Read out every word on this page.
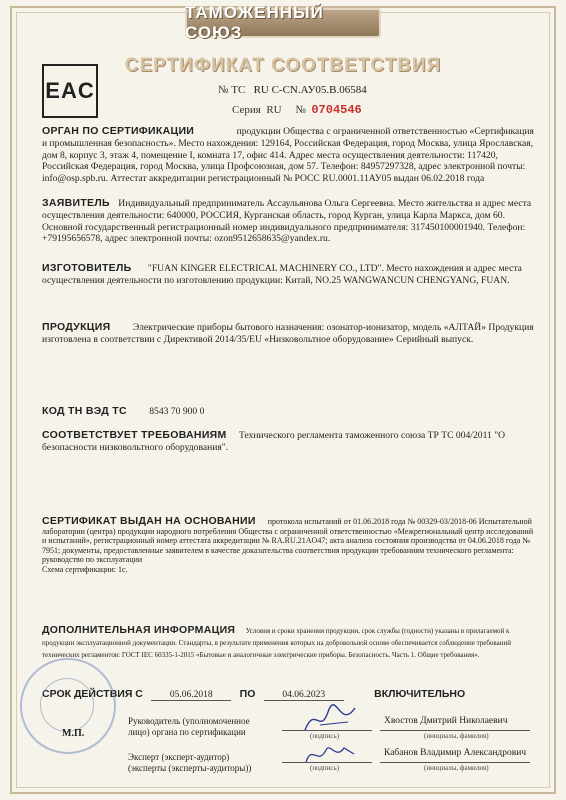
ТАМОЖЕННЫЙ СОЮЗ
СЕРТИФИКАТ СООТВЕТСТВИЯ
EAC	№ ТС RU C-CN.АУ05.В.06584
Серия RU № 0704546
ОРГАН ПО СЕРТИФИКАЦИИ	продукции Общества с ограниченной ответственностью «Сертификация и промышленная безопасность». Место нахождения: 129164, Российская Федерация, город Москва, улица Ярославская, дом 8, корпус 3, этаж 4, помещение I, комната 17, офис 414. Адрес места осуществления деятельности: 117420, Российская Федерация, город Москва, улица Профсоюзная, дом 57. Телефон: 84957297328, адрес электронной почты: info@osp.spb.ru. Аттестат аккредитации регистрационный № РОСС RU.0001.11АУ05 выдан 06.02.2018 года
ЗАЯВИТЕЛЬ Индивидуальный предприниматель Ассаульянова Ольга Сергеевна. Место жительства и адрес места осуществления деятельности: 640000, РОССИЯ, Курганская область, город Курган, улица Карла Маркса, дом 60. Основной государственный регистрационный номер индивидуального предпринимателя: 317450100001940. Телефон: +79195656578, адрес электронной почты: ozon9512658635@yandex.ru.
ИЗГОТОВИТЕЛЬ "FUAN KINGER ELECTRICAL MACHINERY CO., LTD". Место нахождения и адрес места осуществления деятельности по изготовлению продукции: Китай, NO.25 WANGWANCUN CHENGYANG, FUAN.
ПРОДУКЦИЯ Электрические приборы бытового назначения: озонатор-ионизатор, модель «АЛТАЙ» Продукция изготовлена в соответствии с Директивой 2014/35/EU «Низковольтное оборудование» Серийный выпуск.
КОД ТН ВЭД ТС 8543 70 900 0
СООТВЕТСТВУЕТ ТРЕБОВАНИЯМ Технического регламента таможенного союза ТР ТС 004/2011 "О безопасности низковольтного оборудования".
СЕРТИФИКАТ ВЫДАН НА ОСНОВАНИИ протокола испытаний от 01.06.2018 года № 00329-03/2018-06 Испытательной лаборатории (центра) продукции народного потребления Общества с ограниченной ответственностью «Межрегиональный центр исследований и испытаний», регистрационный номер аттестата аккредитации № RA.RU.21AO47; акта анализа состояния производства от 04.06.2018 года № 7951; документы, предоставленные заявителем в качестве доказательства соответствия продукции требованиям технического регламента: руководство по эксплуатации
Схема сертификации: 1с.
ДОПОЛНИТЕЛЬНАЯ ИНФОРМАЦИЯ Условия и сроки хранения продукции, срок службы (годности) указаны в прилагаемой к продукции эксплуатационной документации. Стандарты, в результате применения которых на добровольной основе обеспечивается соблюдение требований технических регламентов: ГОСТ IEC 60335-1-2015 «Бытовые и аналогичные электрические приборы. Безопасность. Часть 1. Общие требования».
СРОК ДЕЙСТВИЯ С	05.06.2018	ПО	04.06.2023	ВКЛЮЧИТЕЛЬНО
М.П.
Руководитель (уполномоченное лицо) органа по сертификации	(подпись)
Хвостов Дмитрий Николаевич
(инициалы, фамилия)
Эксперт (эксперт-аудитор) (эксперты (эксперты-аудиторы))	(подпись)
Кабанов Владимир Александрович
(инициалы, фамилия)
